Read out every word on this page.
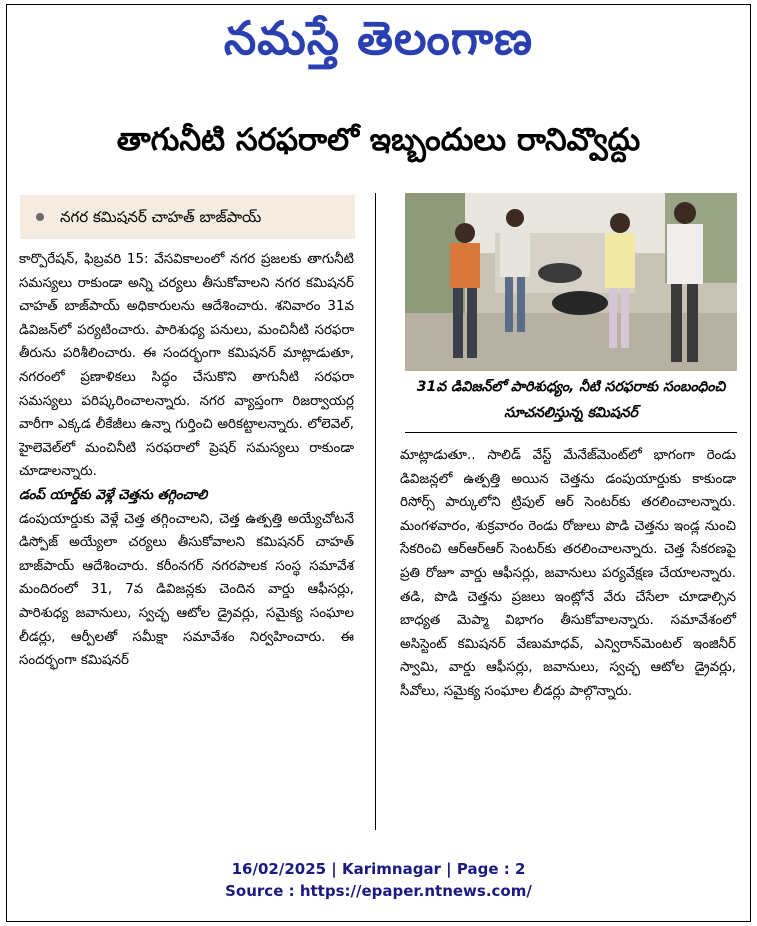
నమస్తే తెలంగాణ
తాగునీటి సరఫరాలో ఇబ్బందులు రానివ్వొద్దు
నగర కమిషనర్ చాహత్ బాజ్‌పాయ్

కార్పొరేషన్, ఫిబ్రవరి 15: వేసవికాలంలో నగర ప్రజలకు తాగునీటి సమస్యలు రాకుండా అన్ని చర్యలు తీసుకోవాలని నగర కమిషనర్ చాహత్ బాజ్‌పాయ్ అధికారులను ఆదేశించారు. శనివారం 31వ డివిజన్‌లో పర్యటించారు. పారిశుధ్య పనులు, మంచినీటి సరఫరా తీరును పరిశీలించారు. ఈ సందర్భంగా కమిషనర్ మాట్లాడుతూ, నగరంలో ప్రణాళికలు సిద్ధం చేసుకొని తాగునీటి సరఫరా సమస్యలు పరిష్కరించాలన్నారు. నగర వ్యాప్తంగా రిజర్వాయర్ల వారీగా ఎక్కడ లీకేజీలు ఉన్నా గుర్తించి అరికట్టాలన్నారు. లోలెవెల్, హైలెవెల్‌లో మంచినీటి సరఫరాలో ప్రెషర్ సమస్యలు రాకుండా చూడాలన్నారు.

డంప్ యార్డ్‌కు వెళ్లే చెత్తను తగ్గించాలి

డంపుయార్డుకు వెళ్లే చెత్త తగ్గించాలని, చెత్త ఉత్పత్తి అయ్యేచోటనే డిస్పోజ్ అయ్యేలా చర్యలు తీసుకోవాలని కమిషనర్ చాహత్ బాజ్‌పాయ్ ఆదేశించారు. కరీంనగర్ నగరపాలక సంస్థ సమావేశ మందిరంలో 31, 7వ డివిజన్లకు చెందిన వార్డు ఆఫీసర్లు, పారిశుధ్య జవానులు, స్వచ్ఛ ఆటోల డ్రైవర్లు, సమైక్య సంఘాల లీడర్లు, ఆర్పీలతో సమీక్షా సమావేశం నిర్వహించారు. ఈ సందర్భంగా కమిషనర్

31వ డివిజన్‌లో పారిశుధ్యం, నీటి సరఫరాకు సంబంధించి సూచనలిస్తున్న కమిషనర్

మాట్లాడుతూ.. సాలిడ్ వేస్ట్ మేనేజ్‌మెంట్‌లో భాగంగా రెండు డివిజన్లలో ఉత్పత్తి అయిన చెత్తను డంపుయార్డుకు కాకుండా రిసోర్స్ పార్కులోని ట్రిపుల్ ఆర్ సెంటర్‌కు తరలించాలన్నారు. మంగళవారం, శుక్రవారం రెండు రోజులు పొడి చెత్తను ఇండ్ల నుంచి సేకరించి ఆర్‌ఆర్‌ఆర్ సెంటర్‌కు తరలించాలన్నారు. చెత్త సేకరణపై ప్రతి రోజూ వార్డు ఆఫీసర్లు, జవానులు పర్యవేక్షణ చేయాలన్నారు. తడి, పొడి చెత్తను ప్రజలు ఇంట్లోనే వేరు చేసేలా చూడాల్సిన బాధ్యత మెప్మా విభాగం తీసుకోవాలన్నారు. సమావేశంలో అసిస్టెంట్ కమిషనర్ వేణుమాధవ్, ఎన్విరాన్‌మెంటల్ ఇంజినీర్ స్వామి, వార్డు ఆఫీసర్లు, జవానులు, స్వచ్ఛ ఆటోల డ్రైవర్లు, సీవోలు, సమైక్య సంఘాల లీడర్లు పాల్గొన్నారు.

16/02/2025 | Karimnagar | Page : 2
Source : https://epaper.ntnews.com/
